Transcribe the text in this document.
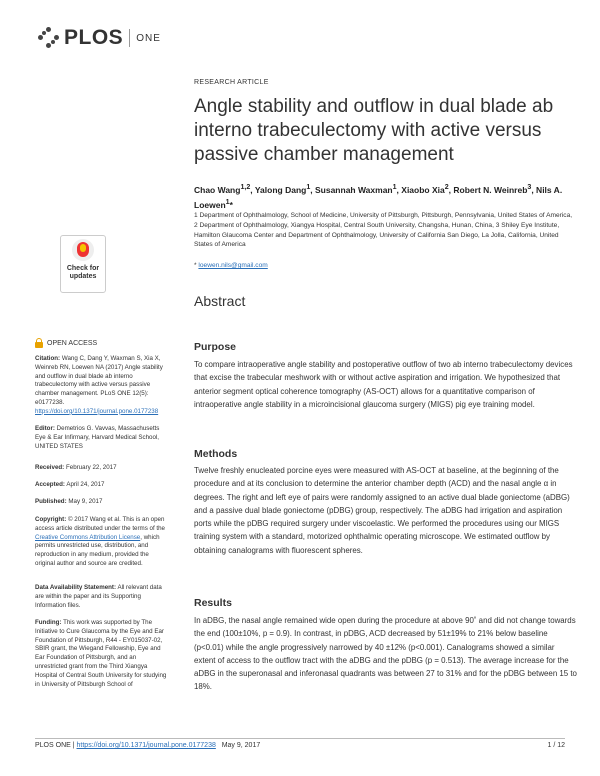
PLOS ONE
RESEARCH ARTICLE
Angle stability and outflow in dual blade ab interno trabeculectomy with active versus passive chamber management
Chao Wang$^{1,2}$, Yalong Dang$^1$, Susannah Waxman$^1$, Xiaobo Xia$^2$, Robert N. Weinreb$^3$, Nils A. Loewen$^1$*
1 Department of Ophthalmology, School of Medicine, University of Pittsburgh, Pittsburgh, Pennsylvania, United States of America, 2 Department of Ophthalmology, Xiangya Hospital, Central South University, Changsha, Hunan, China, 3 Shiley Eye Institute, Hamilton Glaucoma Center and Department of Ophthalmology, University of California San Diego, La Jolla, California, United States of America
* loewen.nils@gmail.com
Check for
updates
OPEN ACCESS
Citation: Wang C, Dang Y, Waxman S, Xia X, Weinreb RN, Loewen NA (2017) Angle stability and outflow in dual blade ab interno trabeculectomy with active versus passive chamber management. PLoS ONE 12(5): e0177238. https://doi.org/10.1371/journal.pone.0177238
Editor: Demetrios G. Vavvas, Massachusetts Eye & Ear Infirmary, Harvard Medical School, UNITED STATES
Received: February 22, 2017
Accepted: April 24, 2017
Published: May 9, 2017
Copyright: © 2017 Wang et al. This is an open access article distributed under the terms of the Creative Commons Attribution License, which permits unrestricted use, distribution, and reproduction in any medium, provided the original author and source are credited.
Data Availability Statement: All relevant data are within the paper and its Supporting Information files.
Funding: This work was supported by The Initiative to Cure Glaucoma by the Eye and Ear Foundation of Pittsburgh, R44 - EY015037-02, SBIR grant, the Wiegand Fellowship, Eye and Ear Foundation of Pittsburgh, and an unrestricted grant from the Third Xiangya Hospital of Central South University for studying in University of Pittsburgh School of
Abstract
Purpose
To compare intraoperative angle stability and postoperative outflow of two ab interno trabeculectomy devices that excise the trabecular meshwork with or without active aspiration and irrigation. We hypothesized that anterior segment optical coherence tomography (AS-OCT) allows for a quantitative comparison of intraoperative angle stability in a microincisional glaucoma surgery (MIGS) pig eye training model.
Methods
Twelve freshly enucleated porcine eyes were measured with AS-OCT at baseline, at the beginning of the procedure and at its conclusion to determine the anterior chamber depth (ACD) and the nasal angle α in degrees. The right and left eye of pairs were randomly assigned to an active dual blade goniectome (aDBG) and a passive dual blade goniectome (pDBG) group, respectively. The aDBG had irrigation and aspiration ports while the pDBG required surgery under viscoelastic. We performed the procedures using our MIGS training system with a standard, motorized ophthalmic operating microscope. We estimated outflow by obtaining canalograms with fluorescent spheres.
Results
In aDBG, the nasal angle remained wide open during the procedure at above 90˚ and did not change towards the end (100±10%, p = 0.9). In contrast, in pDBG, ACD decreased by 51±19% to 21% below baseline (p<0.01) while the angle progressively narrowed by 40 ±12% (p<0.001). Canalograms showed a similar extent of access to the outflow tract with the aDBG and the pDBG (p = 0.513). The average increase for the aDBG in the superonasal and inferonasal quadrants was between 27 to 31% and for the pDBG between 15 to 18%.
PLOS ONE | https://doi.org/10.1371/journal.pone.0177238 May 9, 2017	1 / 12
